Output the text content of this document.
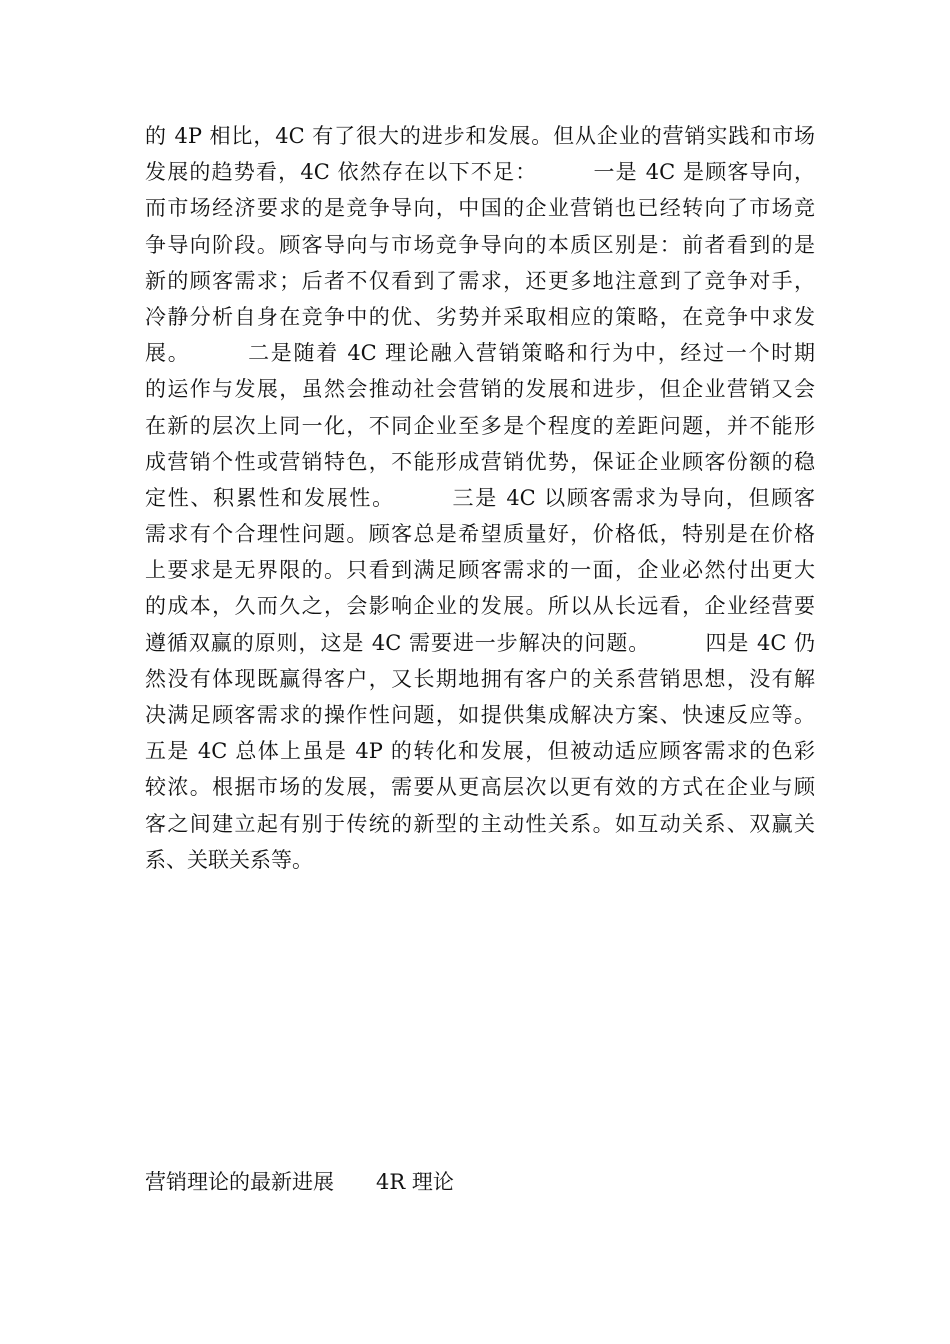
的 4P 相比，4C 有了很大的进步和发展。但从企业的营销实践和市场
发展的趋势看，4C 依然存在以下不足：　　　一是 4C 是顾客导向，
而市场经济要求的是竞争导向，中国的企业营销也已经转向了市场竞
争导向阶段。顾客导向与市场竞争导向的本质区别是：前者看到的是
新的顾客需求；后者不仅看到了需求，还更多地注意到了竞争对手，
冷静分析自身在竞争中的优、劣势并采取相应的策略，在竞争中求发
展。　　　二是随着 4C 理论融入营销策略和行为中，经过一个时期
的运作与发展，虽然会推动社会营销的发展和进步，但企业营销又会
在新的层次上同一化，不同企业至多是个程度的差距问题，并不能形
成营销个性或营销特色，不能形成营销优势，保证企业顾客份额的稳
定性、积累性和发展性。　　　三是 4C 以顾客需求为导向，但顾客
需求有个合理性问题。顾客总是希望质量好，价格低，特别是在价格
上要求是无界限的。只看到满足顾客需求的一面，企业必然付出更大
的成本，久而久之，会影响企业的发展。所以从长远看，企业经营要
遵循双赢的原则，这是 4C 需要进一步解决的问题。　　　四是 4C 仍
然没有体现既赢得客户，又长期地拥有客户的关系营销思想，没有解
决满足顾客需求的操作性问题，如提供集成解决方案、快速反应等。
五是 4C 总体上虽是 4P 的转化和发展，但被动适应顾客需求的色彩
较浓。根据市场的发展，需要从更高层次以更有效的方式在企业与顾
客之间建立起有别于传统的新型的主动性关系。如互动关系、双赢关
系、关联关系等。
营销理论的最新进展　　4R 理论
